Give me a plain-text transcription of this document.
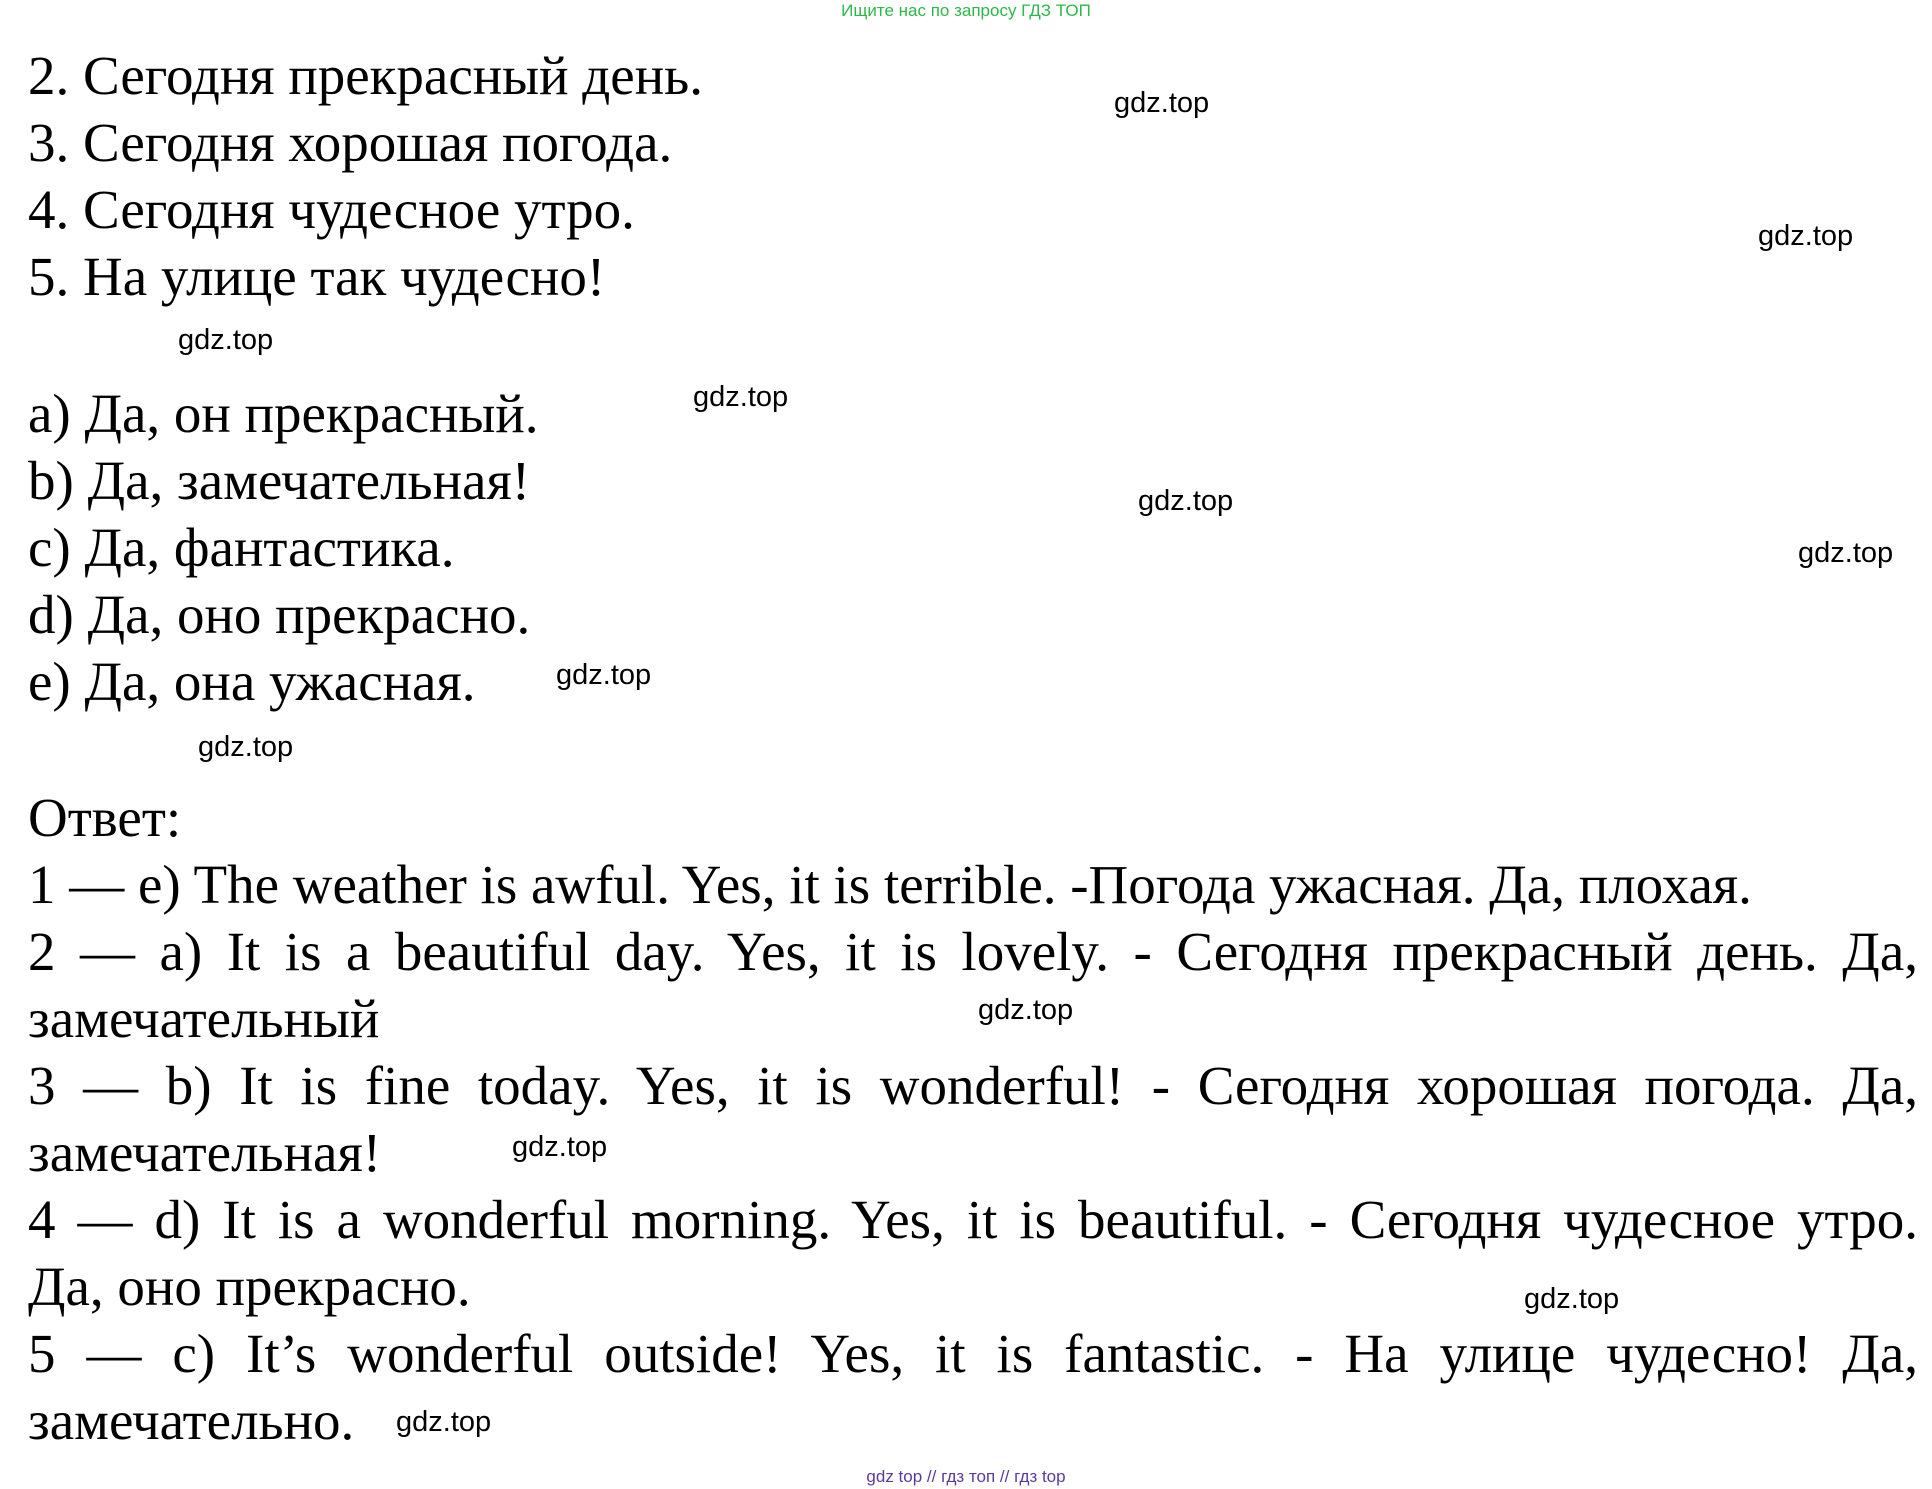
Ищите нас по запросу ГДЗ ТОП
2. Сегодня прекрасный день.
3. Сегодня хорошая погода.
4. Сегодня чудесное утро.
5. На улице так чудесно!
a) Да, он прекрасный.
b) Да, замечательная!
c) Да, фантастика.
d) Да, оно прекрасно.
e) Да, она ужасная.
Ответ:
1 — e) The weather is awful. Yes, it is terrible. -Погода ужасная. Да, плохая.
2 — a) It is a beautiful day. Yes, it is lovely. - Сегодня прекрасный день. Да,
замечательный
3 — b) It is fine today. Yes, it is wonderful! - Сегодня хорошая погода. Да,
замечательная!
4 — d) It is a wonderful morning. Yes, it is beautiful. - Сегодня чудесное утро.
Да, оно прекрасно.
5 — c) It’s wonderful outside! Yes, it is fantastic. - На улице чудесно! Да,
замечательно.
gdz.top
gdz.top
gdz.top
gdz.top
gdz.top
gdz.top
gdz.top
gdz.top
gdz.top
gdz.top
gdz.top
gdz.top
gdz top // гдз топ // гдз top
